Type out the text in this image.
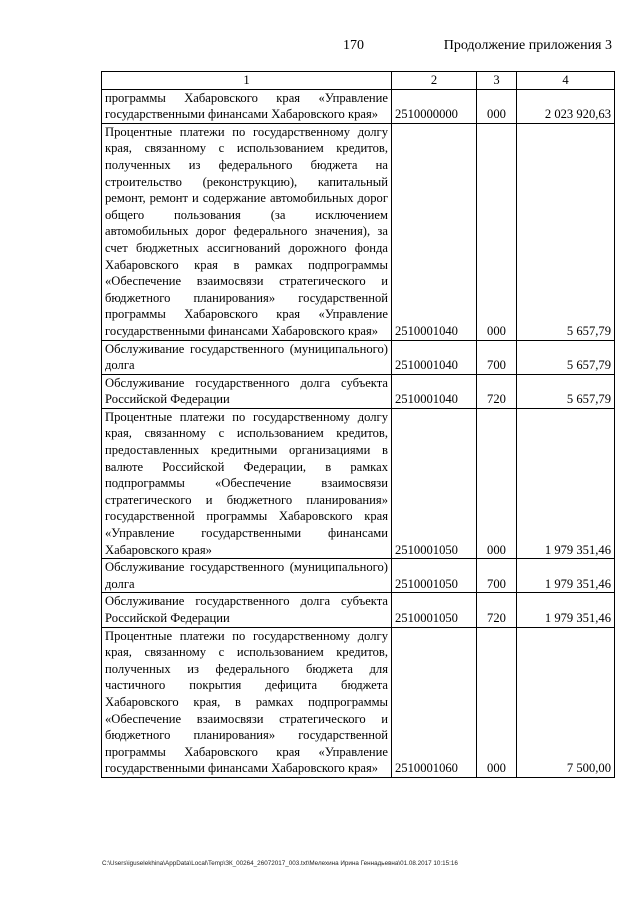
170	Продолжение приложения 3
1	2	3	4
программы Хабаровского края «Управление государственными финансами Хабаровского края»	2510000000	000	2 023 920,63
Процентные платежи по государственному долгу края, связанному с использованием кредитов, полученных из федерального бюджета на строительство (реконструкцию), капитальный ремонт, ремонт и содержание автомобильных дорог общего пользования (за исключением автомобильных дорог федерального значения), за счет бюджетных ассигнований дорожного фонда Хабаровского края в рамках подпрограммы «Обеспечение взаимосвязи стратегического и бюджетного планирования» государственной программы Хабаровского края «Управление государственными финансами Хабаровского края»	2510001040	000	5 657,79
Обслуживание государственного (муниципального) долга	2510001040	700	5 657,79
Обслуживание государственного долга субъекта Российской Федерации	2510001040	720	5 657,79
Процентные платежи по государственному долгу края, связанному с использованием кредитов, предоставленных кредитными организациями в валюте Российской Федерации, в рамках подпрограммы «Обеспечение взаимосвязи стратегического и бюджетного планирования» государственной программы Хабаровского края «Управление государственными финансами Хабаровского края»	2510001050	000	1 979 351,46
Обслуживание государственного (муниципального) долга	2510001050	700	1 979 351,46
Обслуживание государственного долга субъекта Российской Федерации	2510001050	720	1 979 351,46
Процентные платежи по государственному долгу края, связанному с использованием кредитов, полученных из федерального бюджета для частичного покрытия дефицита бюджета Хабаровского края, в рамках подпрограммы «Обеспечение взаимосвязи стратегического и бюджетного планирования» государственной программы Хабаровского края «Управление государственными финансами Хабаровского края»	2510001060	000	7 500,00
C:\Users\iguselekhina\AppData\Local\Temp\ЗК_00264_26072017_003.txt\Мелехина Ирина Геннадьевна\01.08.2017 10:15:16
